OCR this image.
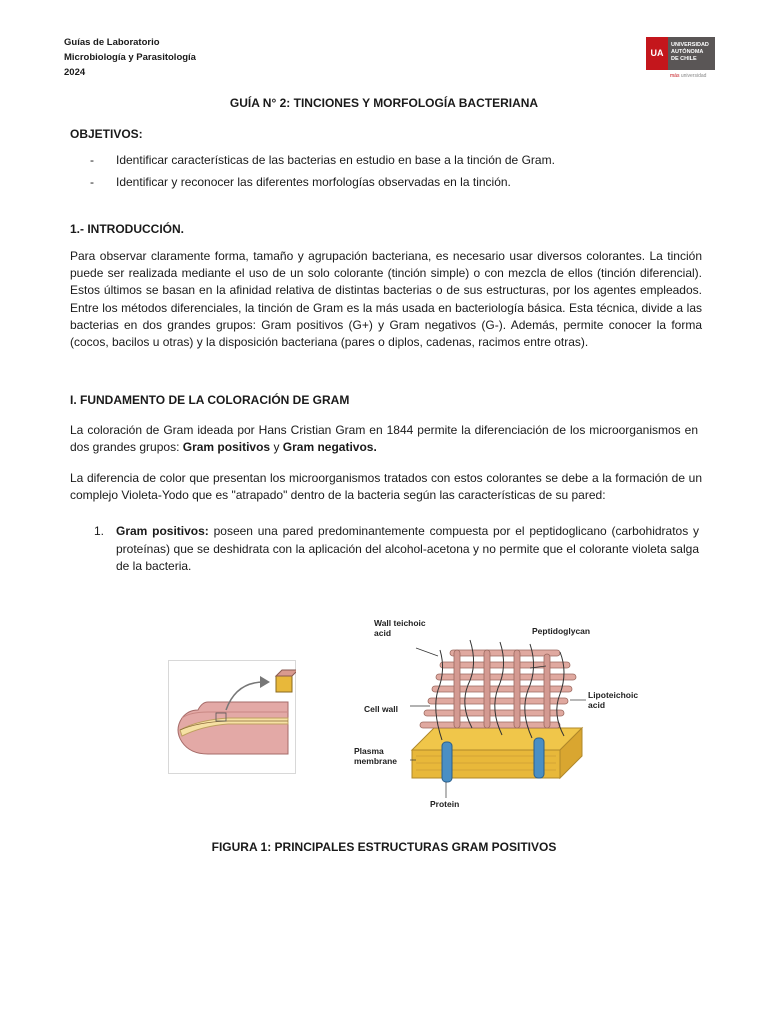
Guías de Laboratorio
Microbiología y Parasitología
2024
UA
UNIVERSIDAD
AUTÓNOMA
DE CHILE
más universidad
GUÍA N° 2: TINCIONES Y MORFOLOGÍA BACTERIANA
OBJETIVOS:
- Identificar características de las bacterias en estudio en base a la tinción de Gram.
- Identificar y reconocer las diferentes morfologías observadas en la tinción.
1.- INTRODUCCIÓN.
Para observar claramente forma, tamaño y agrupación bacteriana, es necesario usar diversos colorantes. La tinción puede ser realizada mediante el uso de un solo colorante (tinción simple) o con mezcla de ellos (tinción diferencial). Estos últimos se basan en la afinidad relativa de distintas bacterias o de sus estructuras, por los agentes empleados. Entre los métodos diferenciales, la tinción de Gram es la más usada en bacteriología básica. Esta técnica, divide a las bacterias en dos grandes grupos: Gram positivos (G+) y Gram negativos (G-). Además, permite conocer la forma (cocos, bacilos u otras) y la disposición bacteriana (pares o diplos, cadenas, racimos entre otras).
I. FUNDAMENTO DE LA COLORACIÓN DE GRAM
La coloración de Gram ideada por Hans Cristian Gram en 1844 permite la diferenciación de los microorganismos en dos grandes grupos: Gram positivos y Gram negativos.
La diferencia de color que presentan los microorganismos tratados con estos colorantes se debe a la formación de un complejo Violeta-Yodo que es "atrapado" dentro de la bacteria según las características de su pared:
1. Gram positivos: poseen una pared predominantemente compuesta por el peptidoglicano (carbohidratos y proteínas) que se deshidrata con la aplicación del alcohol-acetona y no permite que el colorante violeta salga de la bacteria.
Wall teichoic
acid	Peptidoglycan
Cell wall
Lipoteichoic
acid
Plasma
membrane
Protein
FIGURA 1: PRINCIPALES ESTRUCTURAS GRAM POSITIVOS
